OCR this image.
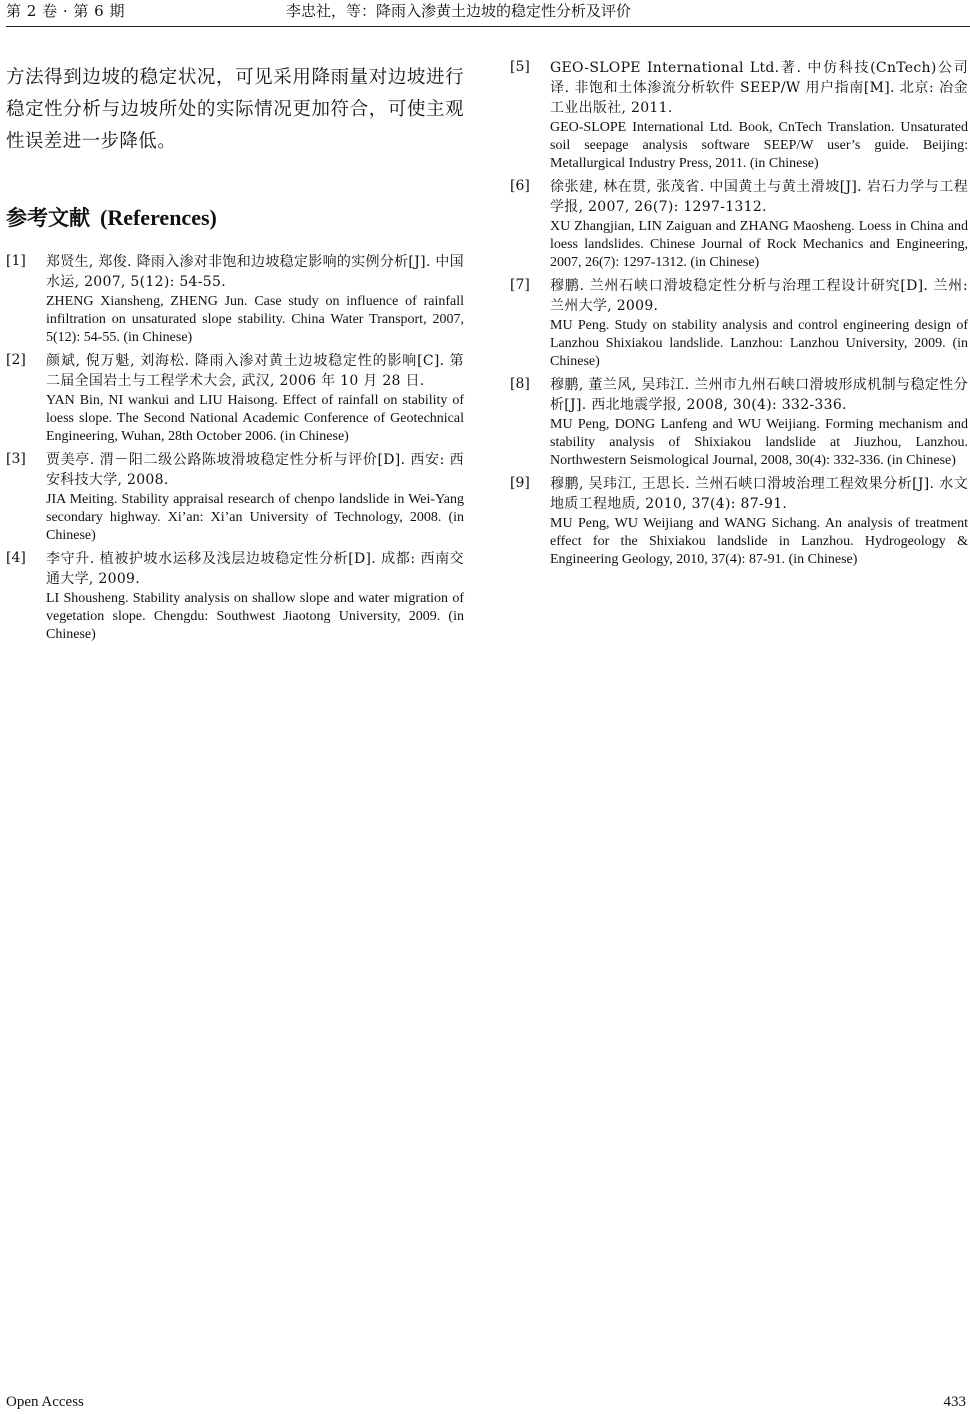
第 2 卷 · 第 6 期	李忠社，等：降雨入渗黄土边坡的稳定性分析及评价

方法得到边坡的稳定状况，可见采用降雨量对边坡进行稳定性分析与边坡所处的实际情况更加符合，可使主观性误差进一步降低。

参考文献 (References)
[1] 郑贤生, 郑俊. 降雨入渗对非饱和边坡稳定影响的实例分析[J]. 中国水运, 2007, 5(12): 54-55.
ZHENG Xiansheng, ZHENG Jun. Case study on influence of rainfall infiltration on unsaturated slope stability. China Water Transport, 2007, 5(12): 54-55. (in Chinese)
[2] 颜斌, 倪万魁, 刘海松. 降雨入渗对黄土边坡稳定性的影响[C]. 第二届全国岩土与工程学术大会, 武汉, 2006 年 10 月 28 日.
YAN Bin, NI wankui and LIU Haisong. Effect of rainfall on stability of loess slope. The Second National Academic Conference of Geotechnical Engineering, Wuhan, 28th October 2006. (in Chinese)
[3] 贾美亭. 渭－阳二级公路陈坡滑坡稳定性分析与评价[D]. 西安: 西安科技大学, 2008.
JIA Meiting. Stability appraisal research of chenpo landslide in Wei-Yang secondary highway. Xi’an: Xi’an University of Technology, 2008. (in Chinese)
[4] 李守升. 植被护坡水运移及浅层边坡稳定性分析[D]. 成都: 西南交通大学, 2009.
LI Shousheng. Stability analysis on shallow slope and water migration of vegetation slope. Chengdu: Southwest Jiaotong University, 2009. (in Chinese)
[5] GEO-SLOPE International Ltd.著. 中仿科技(CnTech)公司译. 非饱和土体渗流分析软件 SEEP/W 用户指南[M]. 北京: 冶金工业出版社, 2011.
GEO-SLOPE International Ltd. Book, CnTech Translation. Unsaturated soil seepage analysis software SEEP/W user’s guide. Beijing: Metallurgical Industry Press, 2011. (in Chinese)
[6] 徐张建, 林在贯, 张茂省. 中国黄土与黄土滑坡[J]. 岩石力学与工程学报, 2007, 26(7): 1297-1312.
XU Zhangjian, LIN Zaiguan and ZHANG Maosheng. Loess in China and loess landslides. Chinese Journal of Rock Mechanics and Engineering, 2007, 26(7): 1297-1312. (in Chinese)
[7] 穆鹏. 兰州石峡口滑坡稳定性分析与治理工程设计研究[D]. 兰州: 兰州大学, 2009.
MU Peng. Study on stability analysis and control engineering design of Lanzhou Shixiakou landslide. Lanzhou: Lanzhou University, 2009. (in Chinese)
[8] 穆鹏, 董兰风, 吴玮江. 兰州市九州石峡口滑坡形成机制与稳定性分析[J]. 西北地震学报, 2008, 30(4): 332-336.
MU Peng, DONG Lanfeng and WU Weijiang. Forming mechanism and stability analysis of Shixiakou landslide at Jiuzhou, Lanzhou. Northwestern Seismological Journal, 2008, 30(4): 332-336. (in Chinese)
[9] 穆鹏, 吴玮江, 王思长. 兰州石峡口滑坡治理工程效果分析[J]. 水文地质工程地质, 2010, 37(4): 87-91.
MU Peng, WU Weijiang and WANG Sichang. An analysis of treatment effect for the Shixiakou landslide in Lanzhou. Hydrogeology & Engineering Geology, 2010, 37(4): 87-91. (in Chinese)
Open Access	433
